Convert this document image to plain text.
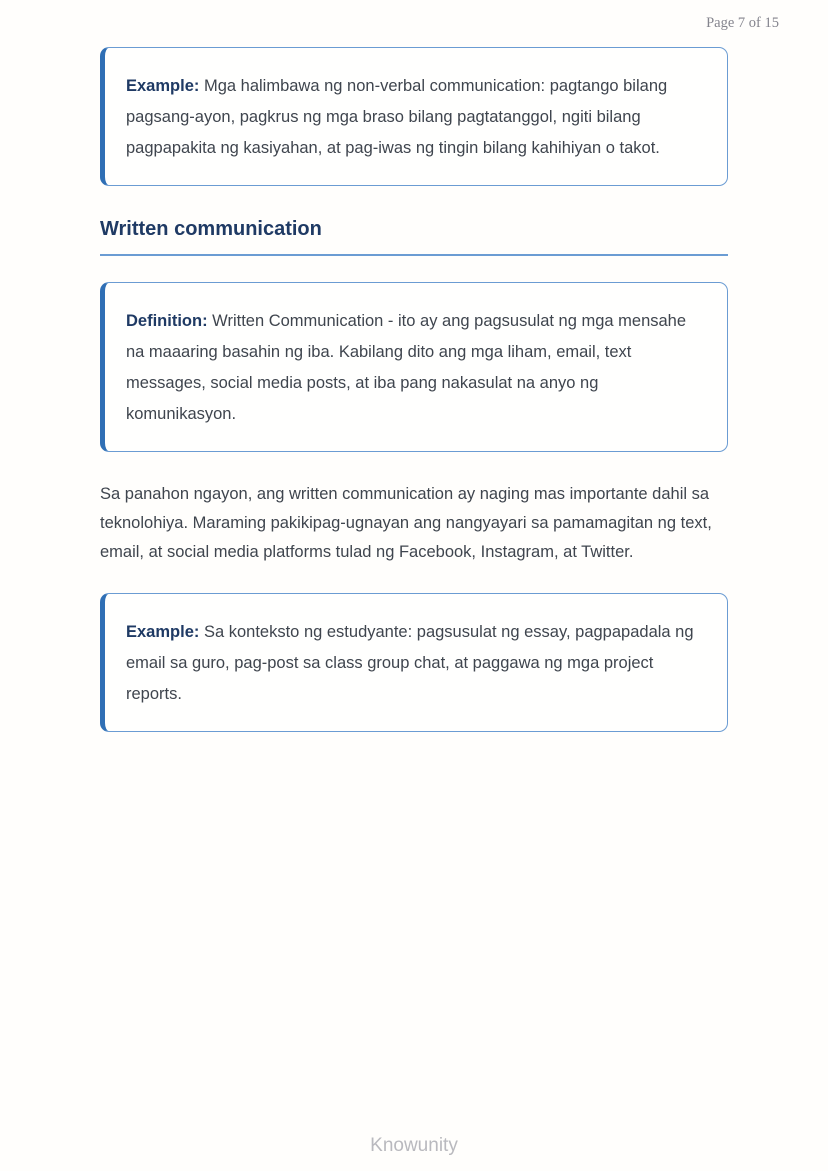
Page 7 of 15

Example: Mga halimbawa ng non-verbal communication: pagtango bilang pagsang-ayon, pagkrus ng mga braso bilang pagtatanggol, ngiti bilang pagpapakita ng kasiyahan, at pag-iwas ng tingin bilang kahihiyan o takot.

Written communication

Definition: Written Communication - ito ay ang pagsusulat ng mga mensahe na maaaring basahin ng iba. Kabilang dito ang mga liham, email, text messages, social media posts, at iba pang nakasulat na anyo ng komunikasyon.

Sa panahon ngayon, ang written communication ay naging mas importante dahil sa teknolohiya. Maraming pakikipag-ugnayan ang nangyayari sa pamamagitan ng text, email, at social media platforms tulad ng Facebook, Instagram, at Twitter.

Example: Sa konteksto ng estudyante: pagsusulat ng essay, pagpapadala ng email sa guro, pag-post sa class group chat, at paggawa ng mga project reports.

Knowunity
